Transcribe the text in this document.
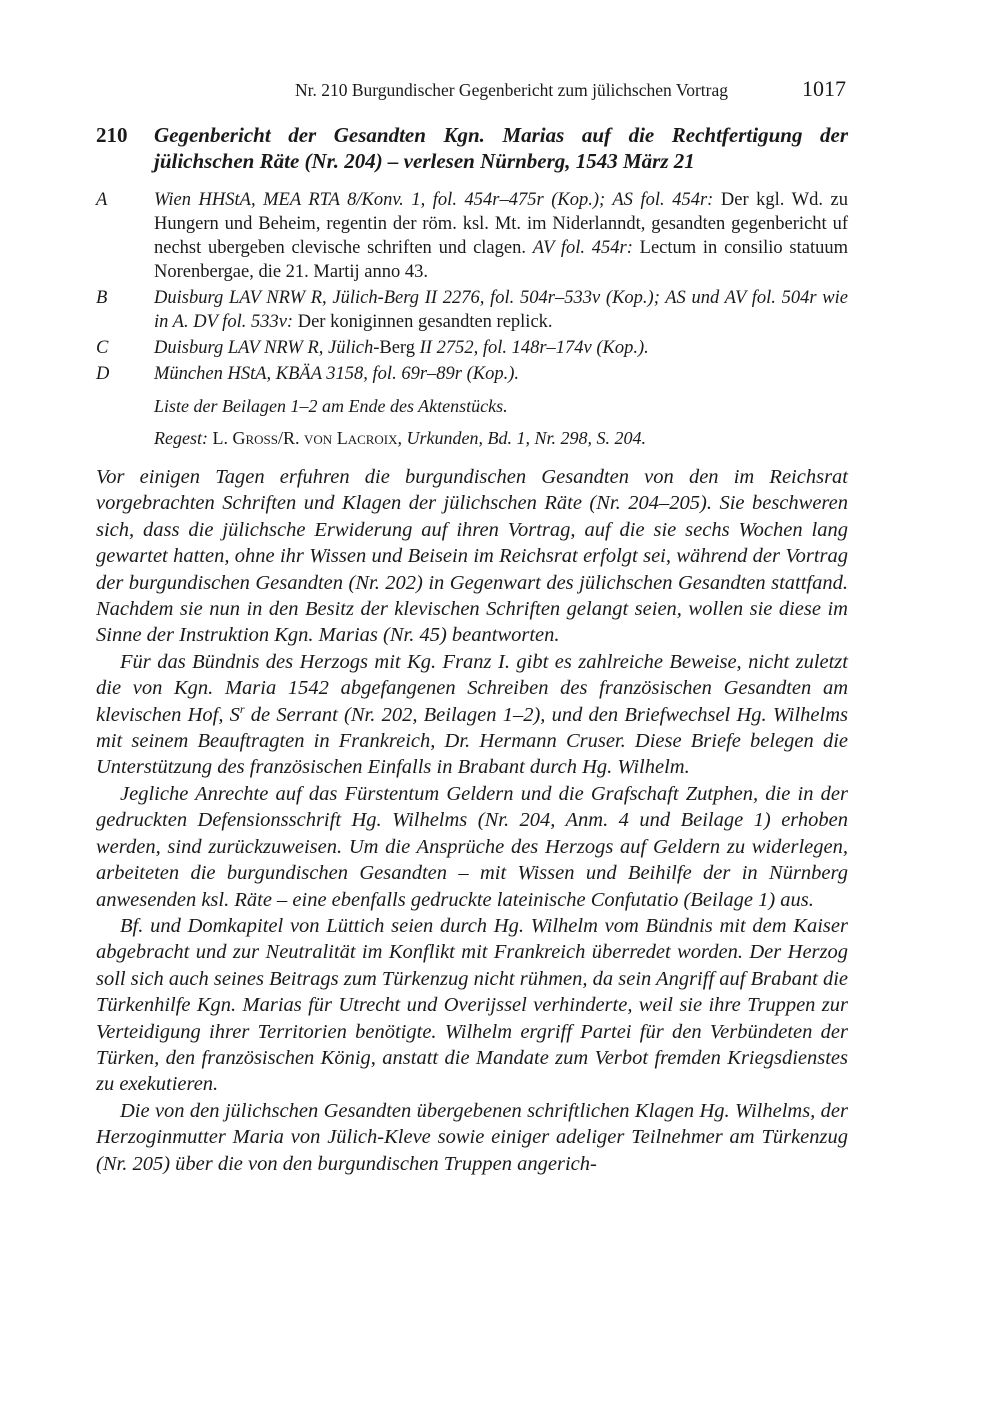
Nr. 210 Burgundischer Gegenbericht zum jülichschen Vortrag	1017
210	Gegenbericht der Gesandten Kgn. Marias auf die Rechtfertigung der jülichschen Räte (Nr. 204) – verlesen Nürnberg, 1543 März 21
A	Wien HHStA, MEA RTA 8/Konv. 1, fol. 454r–475r (Kop.); AS fol. 454r: Der kgl. Wd. zu Hungern und Beheim, regentin der röm. ksl. Mt. im Niderlanndt, gesandten gegenbericht uf nechst ubergeben clevische schriften und clagen. AV fol. 454r: Lectum in consilio statuum Norenbergae, die 21. Martij anno 43.
B	Duisburg LAV NRW R, Jülich-Berg II 2276, fol. 504r–533v (Kop.); AS und AV fol. 504r wie in A. DV fol. 533v: Der koniginnen gesandten replick.
C	Duisburg LAV NRW R, Jülich-Berg II 2752, fol. 148r–174v (Kop.).
D	München HStA, KBÄA 3158, fol. 69r–89r (Kop.).
Liste der Beilagen 1–2 am Ende des Aktenstücks.
Regest: L. Groß/R. von Lacroix, Urkunden, Bd. 1, Nr. 298, S. 204.

Vor einigen Tagen erfuhren die burgundischen Gesandten von den im Reichsrat vorgebrachten Schriften und Klagen der jülichschen Räte (Nr. 204–205). Sie beschweren sich, dass die jülichsche Erwiderung auf ihren Vortrag, auf die sie sechs Wochen lang gewartet hatten, ohne ihr Wissen und Beisein im Reichsrat erfolgt sei, während der Vortrag der burgundischen Gesandten (Nr. 202) in Gegenwart des jülichschen Gesandten stattfand. Nachdem sie nun in den Besitz der klevischen Schriften gelangt seien, wollen sie diese im Sinne der Instruktion Kgn. Marias (Nr. 45) beantworten.

Für das Bündnis des Herzogs mit Kg. Franz I. gibt es zahlreiche Beweise, nicht zuletzt die von Kgn. Maria 1542 abgefangenen Schreiben des französischen Gesandten am klevischen Hof, $S^r$ de Serrant (Nr. 202, Beilagen 1–2), und den Briefwechsel Hg. Wilhelms mit seinem Beauftragten in Frankreich, Dr. Hermann Cruser. Diese Briefe belegen die Unterstützung des französischen Einfalls in Brabant durch Hg. Wilhelm.

Jegliche Anrechte auf das Fürstentum Geldern und die Grafschaft Zutphen, die in der gedruckten Defensionsschrift Hg. Wilhelms (Nr. 204, Anm. 4 und Beilage 1) erhoben werden, sind zurückzuweisen. Um die Ansprüche des Herzogs auf Geldern zu widerlegen, arbeiteten die burgundischen Gesandten – mit Wissen und Beihilfe der in Nürnberg anwesenden ksl. Räte – eine ebenfalls gedruckte lateinische Confutatio (Beilage 1) aus.

Bf. und Domkapitel von Lüttich seien durch Hg. Wilhelm vom Bündnis mit dem Kaiser abgebracht und zur Neutralität im Konflikt mit Frankreich überredet worden. Der Herzog soll sich auch seines Beitrags zum Türkenzug nicht rühmen, da sein Angriff auf Brabant die Türkenhilfe Kgn. Marias für Utrecht und Overijssel verhinderte, weil sie ihre Truppen zur Verteidigung ihrer Territorien benötigte. Wilhelm ergriff Partei für den Verbündeten der Türken, den französischen König, anstatt die Mandate zum Verbot fremden Kriegsdienstes zu exekutieren.

Die von den jülichschen Gesandten übergebenen schriftlichen Klagen Hg. Wilhelms, der Herzoginmutter Maria von Jülich-Kleve sowie einiger adeliger Teilnehmer am Türkenzug (Nr. 205) über die von den burgundischen Truppen angerich-
